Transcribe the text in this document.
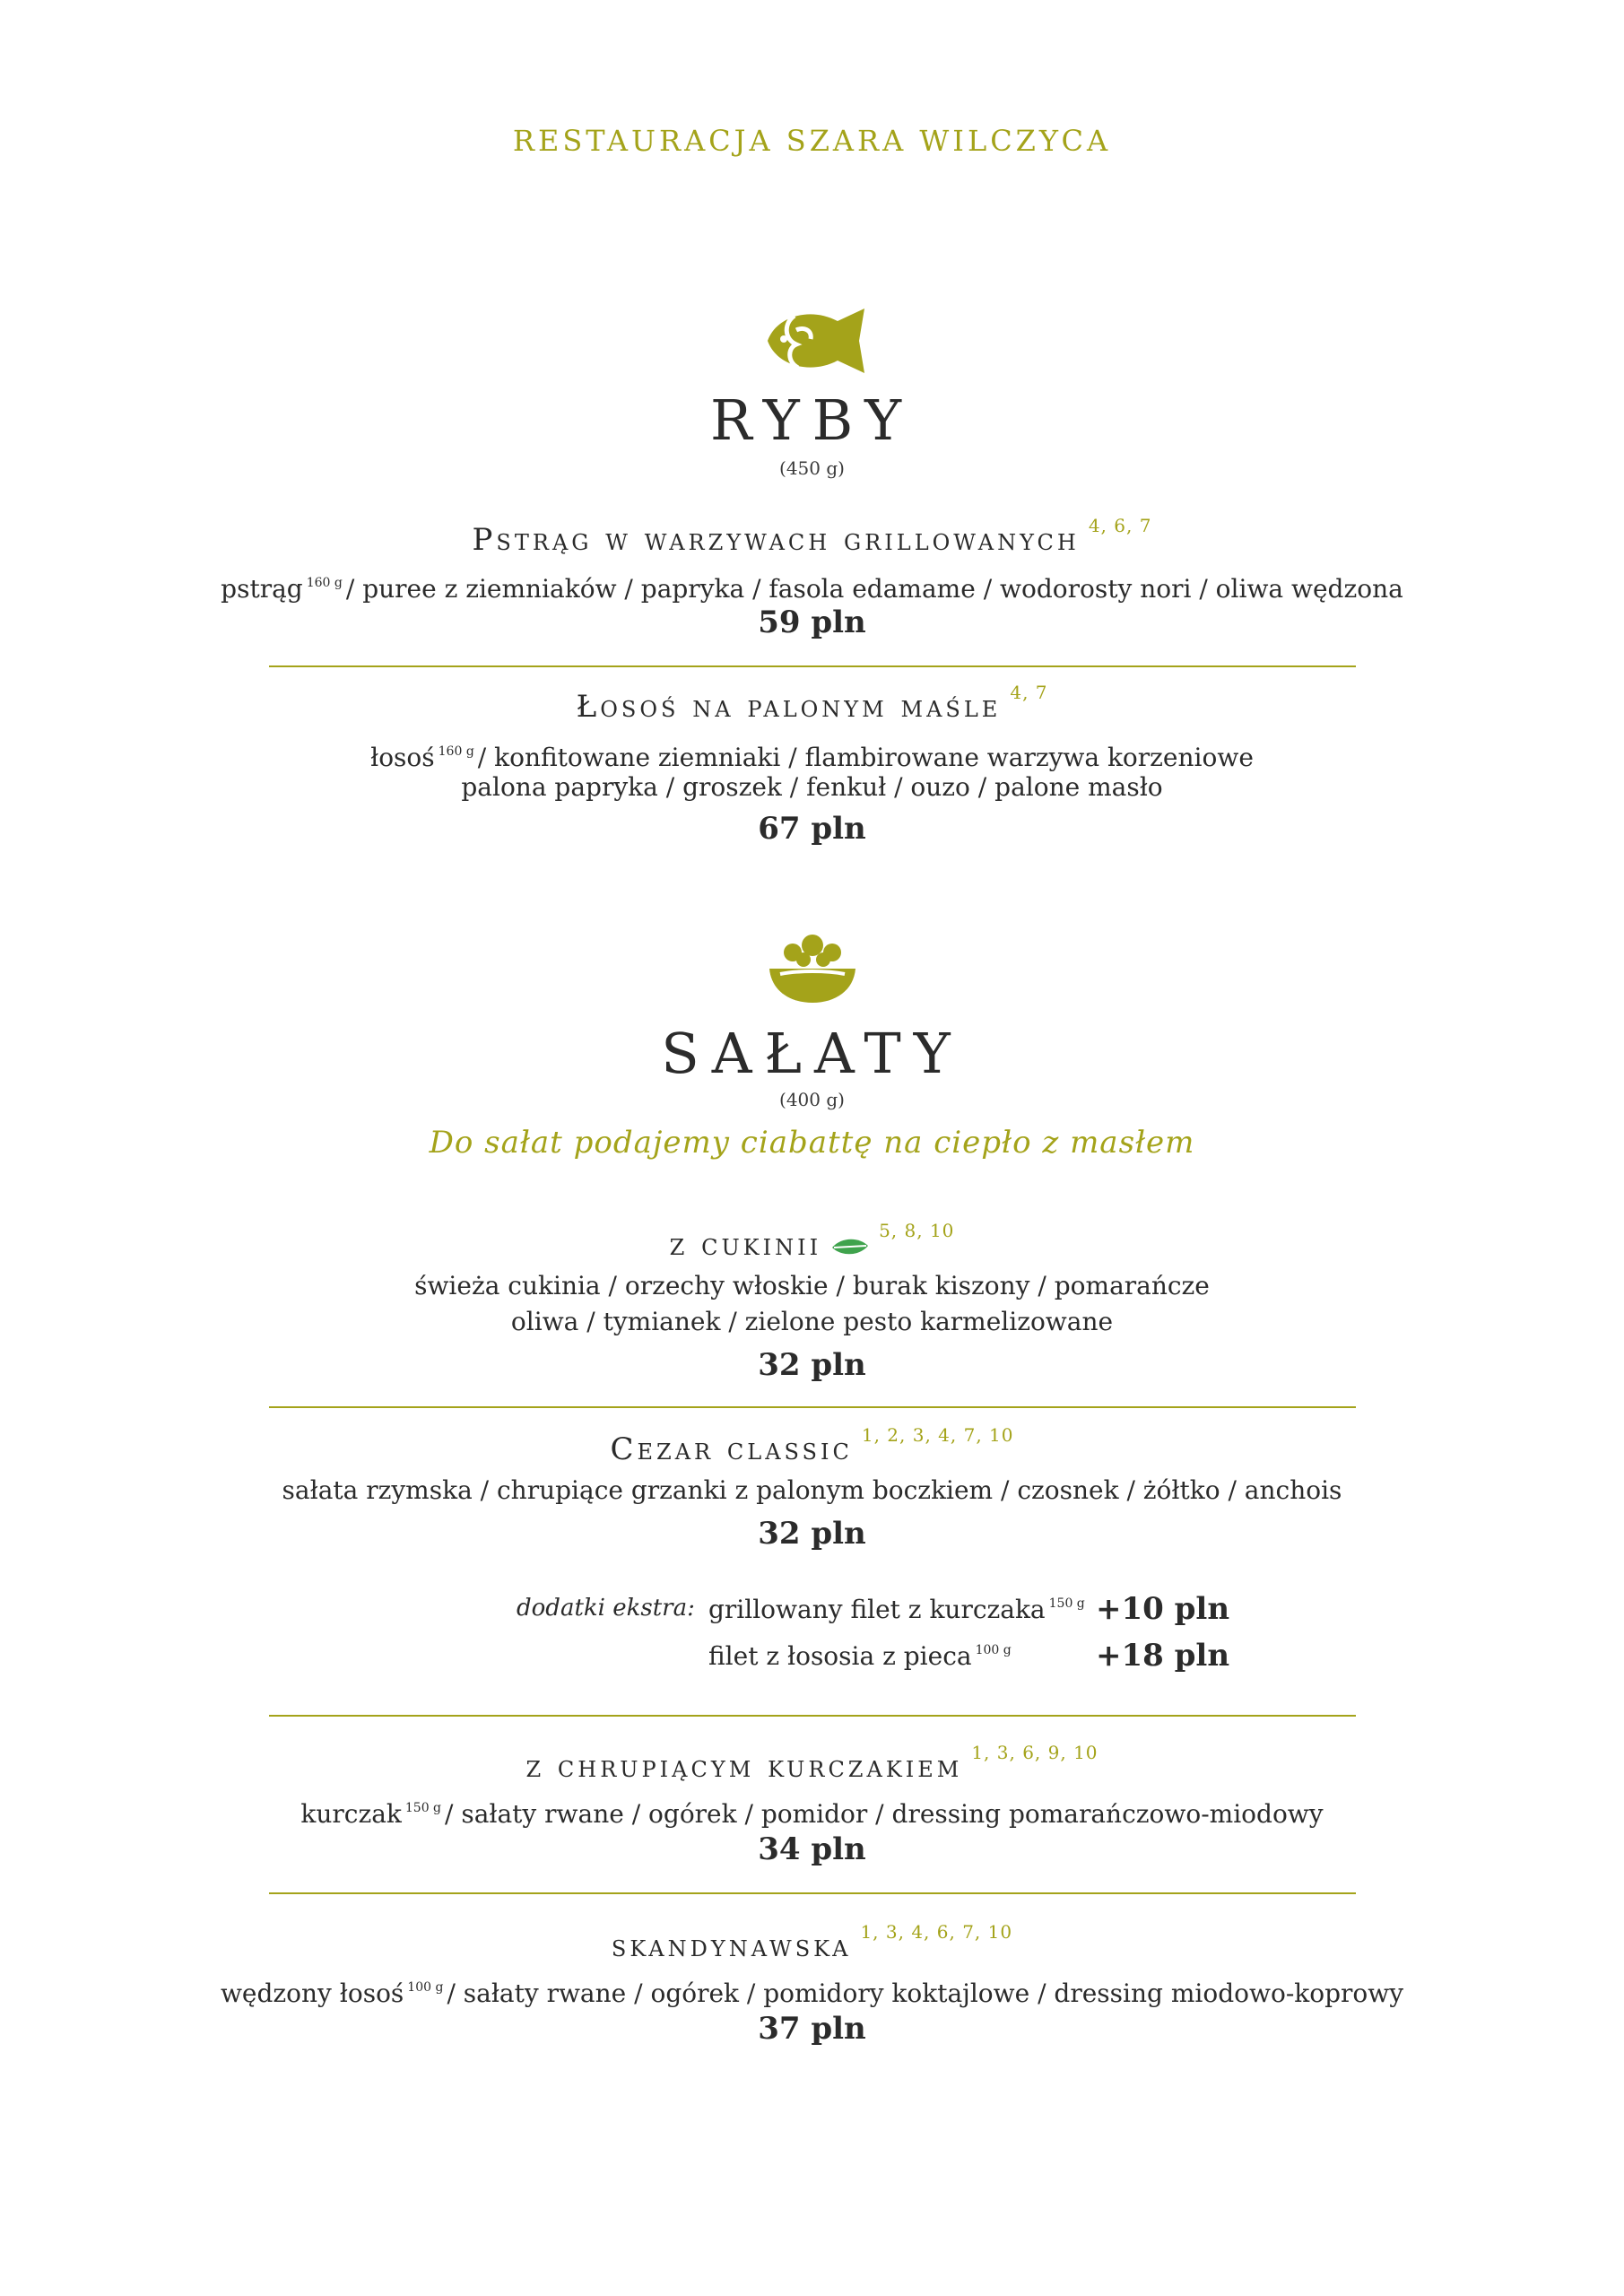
RESTAURACJA SZARA WILCZYCA
RYBY
(450 g)
Pstrąg w warzywach grillowanych $^{4, 6, 7}$
pstrąg $^{160 g}$ / puree z ziemniaków / papryka / fasola edamame / wodorosty nori / oliwa wędzona
59 pln
Łosoś na palonym maśle $^{4, 7}$
łosoś $^{160 g}$ / konfitowane ziemniaki / flambirowane warzywa korzeniowe
palona papryka / groszek / fenkuł / ouzo / palone masło
67 pln
SAŁATY
(400 g)
Do sałat podajemy ciabattę na ciepło z masłem
z cukinii	$^{5, 8, 10}$
świeża cukinia / orzechy włoskie / burak kiszony / pomarańcze
oliwa / tymianek / zielone pesto karmelizowane
32 pln
Cezar classic $^{1, 2, 3, 4, 7, 10}$
sałata rzymska / chrupiące grzanki z palonym boczkiem / czosnek / żółtko / anchois
32 pln
dodatki ekstra: grillowany filet z kurczaka $^{150 g}$ +10 pln
filet z łososia z pieca $^{100 g}$	+18 pln
z chrupiącym kurczakiem $^{1, 3, 6, 9, 10}$
kurczak $^{150 g}$ / sałaty rwane / ogórek / pomidor / dressing pomarańczowo-miodowy
34 pln
skandynawska $^{1, 3, 4, 6, 7, 10}$
wędzony łosoś $^{100 g}$ / sałaty rwane / ogórek / pomidory koktajlowe / dressing miodowo-koprowy
37 pln
